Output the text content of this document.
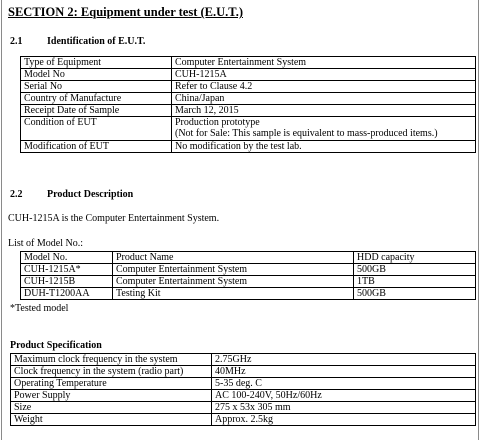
SECTION 2: Equipment under test (E.U.T.)
2.1 Identification of E.U.T.
Type of Equipment	Computer Entertainment System
Model No	CUH-1215A
Serial No	Refer to Clause 4.2
Country of Manufacture	China/Japan
Receipt Date of Sample	March 12, 2015
Condition of EUT	Production prototype
(Not for Sale: This sample is equivalent to mass-produced items.)

Modification of EUT	No modification by the test lab.
2.2 Product Description
CUH-1215A is the Computer Entertainment System.
List of Model No.:
Model No.	Product Name	HDD capacity
CUH-1215A*	Computer Entertainment System	500GB
CUH-1215B	Computer Entertainment System	1TB
DUH-T1200AA	Testing Kit	500GB
*Tested model
Product Specification
Maximum clock frequency in the system	2.75GHz
Clock frequency in the system (radio part)	40MHz
Operating Temperature	5-35 deg. C
Power Supply	AC 100-240V, 50Hz/60Hz
Size	275 x 53x 305 mm
Weight	Approx. 2.5kg
